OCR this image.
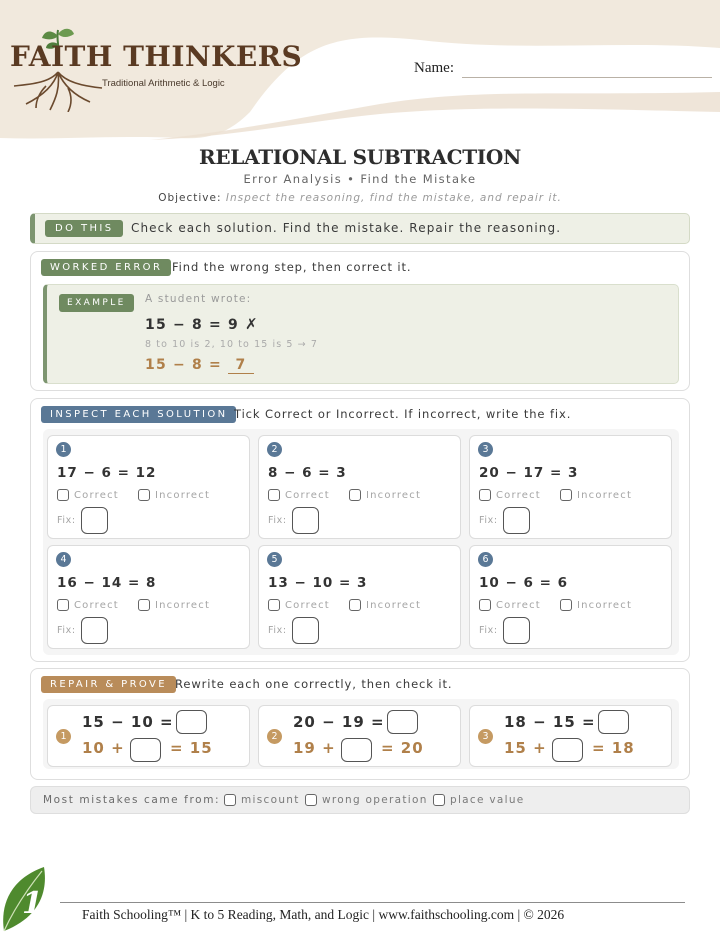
FAITH THINKERS
Traditional Arithmetic & Logic
Name:
RELATIONAL SUBTRACTION
Error Analysis • Find the Mistake
Objective: Inspect the reasoning, find the mistake, and repair it.
DO THIS	Check each solution. Find the mistake. Repair the reasoning.
WORKED ERROR Find the wrong step, then correct it.
EXAMPLE	A student wrote:
15 − 8 = 9 ✗
8 to 10 is 2, 10 to 15 is 5 → 7
15 − 8 = 7
INSPECT EACH SOLUTION Tick Correct or Incorrect. If incorrect, write the fix.
1
17 − 6 = 12
Correct	Incorrect
Fix:
2
8 − 6 = 3
Correct	Incorrect
Fix:
3
20 − 17 = 3
Correct	Incorrect
Fix:
4
16 − 14 = 8
Correct	Incorrect
Fix:
5
13 − 10 = 3
Correct	Incorrect
Fix:
6
10 − 6 = 6
Correct	Incorrect
Fix:
REPAIR & PROVE Rewrite each one correctly, then check it.
1
15 − 10 =
10 +	= 15
2
20 − 19 =
19 +	= 20
3
18 − 15 =
15 +	= 18
Most mistakes came from: miscount wrong operation place value
1	Faith Schooling™ | K to 5 Reading, Math, and Logic | www.faithschooling.com | © 2026
